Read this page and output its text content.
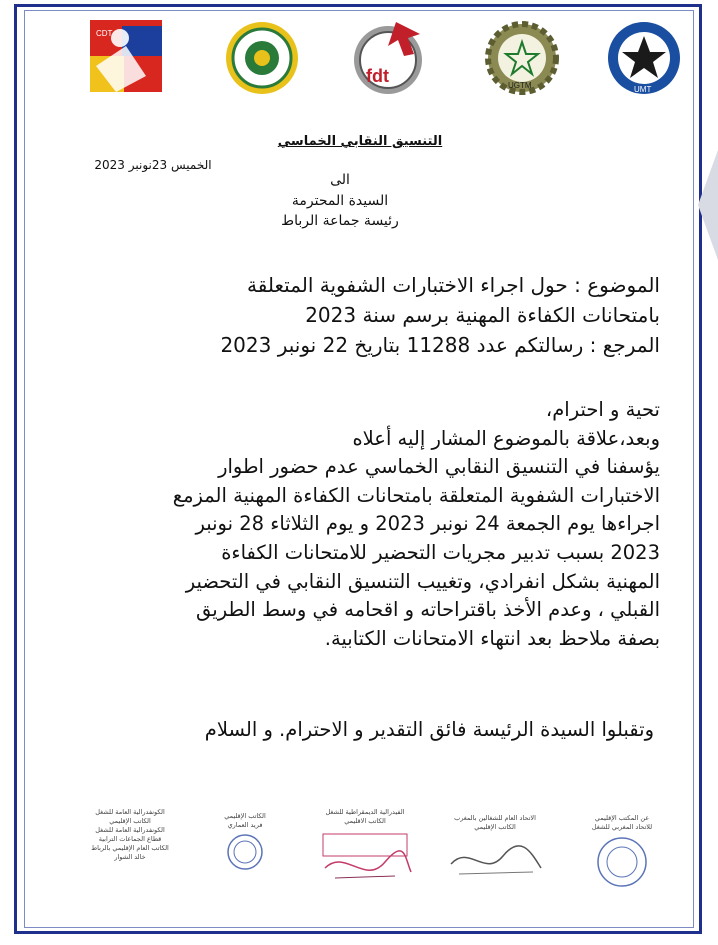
CDT
fdt	UGTM	UMT
التنسيق النقابي الخماسي
الخميس 23نونبر 2023
الى
السيدة المحترمة
رئيسة جماعة الرباط
الموضوع : حول اجراء الاختبارات الشفوية المتعلقة
بامتحانات الكفاءة المهنية برسم سنة 2023
المرجع : رسالتكم عدد 11288 بتاريخ 22 نونبر 2023
تحية و احترام،
وبعد،علاقة بالموضوع المشار إليه أعلاه
يؤسفنا في التنسيق النقابي الخماسي عدم حضور اطوار
الاختبارات الشفوية المتعلقة بامتحانات الكفاءة المهنية المزمع
اجراءها يوم الجمعة 24 نونبر 2023 و يوم الثلاثاء 28 نونبر
2023 بسبب تدبير مجريات التحضير للامتحانات الكفاءة
المهنية بشكل انفرادي، وتغييب التنسيق النقابي في التحضير
القبلي ، وعدم الأخذ باقتراحاته و اقحامه في وسط الطريق
بصفة ملاحظ بعد انتهاء الامتحانات الكتابية.
وتقبلوا السيدة الرئيسة فائق التقدير و الاحترام. و السلام
الكونفدرالية العامة للشغل
الكاتب الإقليمي
الكونفدرالية العامة للشغل
قطاع الجماعات الترابية
الكاتب العام الإقليمي بالرباط
خالد الشوار
الكاتب الإقليمي
فريد العماري
الفيدرالية الديمقراطية للشغل
الكاتب الاقليمي	الاتحاد العام للشغالين بالمغرب
الكاتب الإقليمي
عن المكتب الإقليمي
للاتحاد المغربي للشغل
